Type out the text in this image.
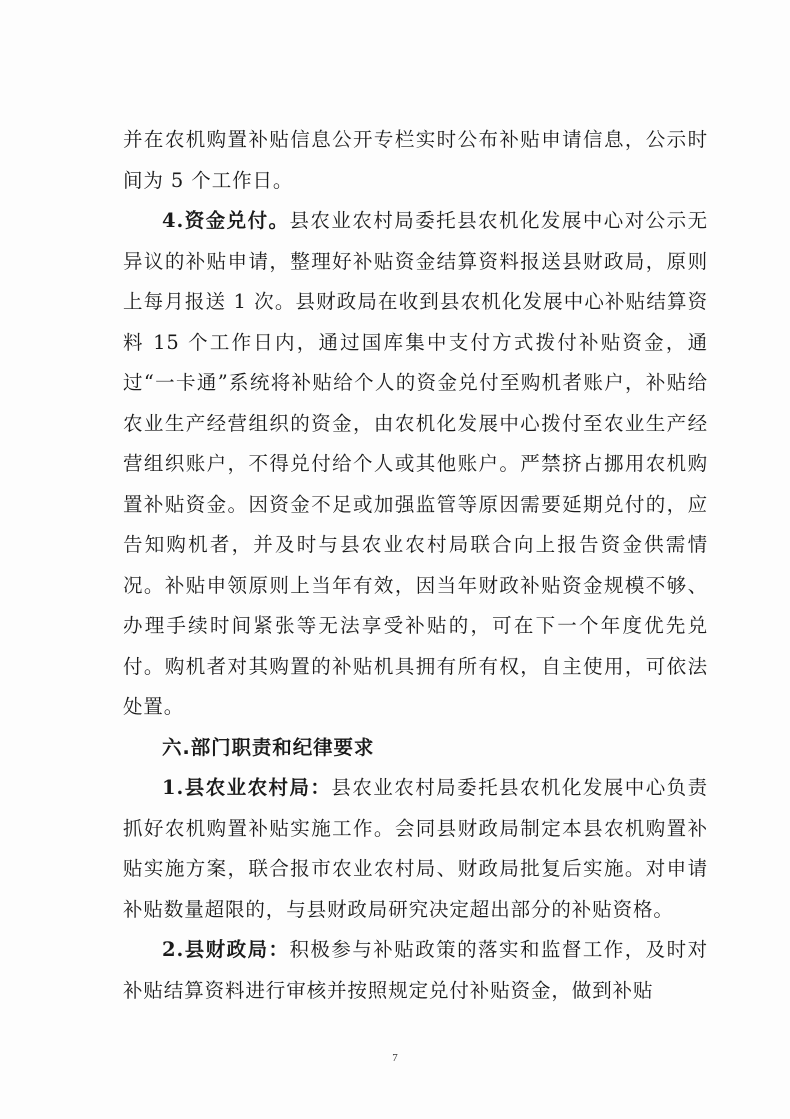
并在农机购置补贴信息公开专栏实时公布补贴申请信息，公示时间为 5 个工作日。

4.资金兑付。县农业农村局委托县农机化发展中心对公示无异议的补贴申请，整理好补贴资金结算资料报送县财政局，原则上每月报送 1 次。县财政局在收到县农机化发展中心补贴结算资料 15 个工作日内，通过国库集中支付方式拨付补贴资金，通过“一卡通”系统将补贴给个人的资金兑付至购机者账户，补贴给农业生产经营组织的资金，由农机化发展中心拨付至农业生产经营组织账户，不得兑付给个人或其他账户。严禁挤占挪用农机购置补贴资金。因资金不足或加强监管等原因需要延期兑付的，应告知购机者，并及时与县农业农村局联合向上报告资金供需情况。补贴申领原则上当年有效，因当年财政补贴资金规模不够、办理手续时间紧张等无法享受补贴的，可在下一个年度优先兑付。购机者对其购置的补贴机具拥有所有权，自主使用，可依法处置。

六.部门职责和纪律要求

1.县农业农村局：县农业农村局委托县农机化发展中心负责抓好农机购置补贴实施工作。会同县财政局制定本县农机购置补贴实施方案，联合报市农业农村局、财政局批复后实施。对申请补贴数量超限的，与县财政局研究决定超出部分的补贴资格。

2.县财政局：积极参与补贴政策的落实和监督工作，及时对补贴结算资料进行审核并按照规定兑付补贴资金，做到补贴

7
